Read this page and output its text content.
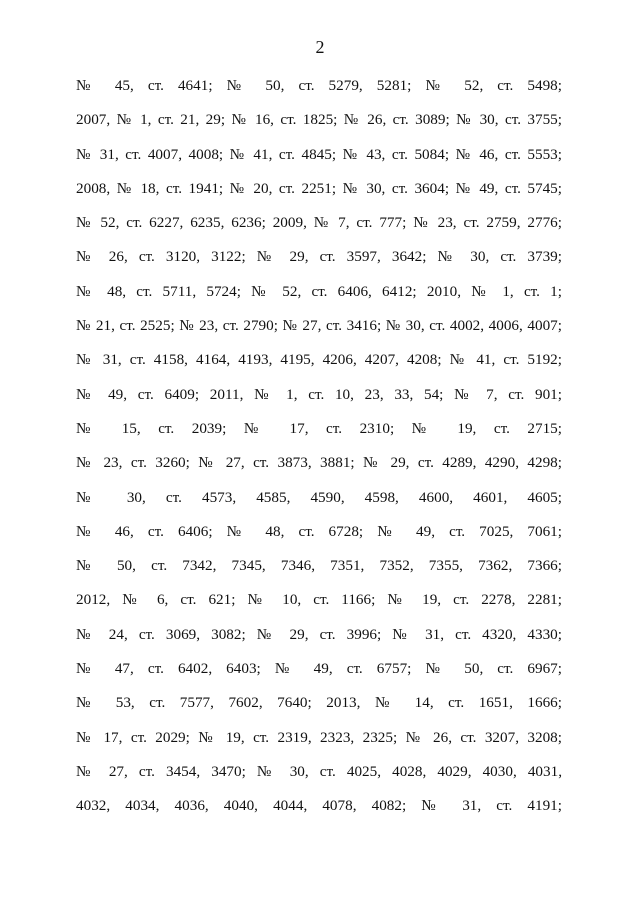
2
№ 45, ст. 4641; № 50, ст. 5279, 5281; № 52, ст. 5498;
2007, № 1, ст. 21, 29; № 16, ст. 1825; № 26, ст. 3089; № 30, ст. 3755;
№ 31, ст. 4007, 4008; № 41, ст. 4845; № 43, ст. 5084; № 46, ст. 5553;
2008, № 18, ст. 1941; № 20, ст. 2251; № 30, ст. 3604; № 49, ст. 5745;
№ 52, ст. 6227, 6235, 6236; 2009, № 7, ст. 777; № 23, ст. 2759, 2776;
№ 26, ст. 3120, 3122; № 29, ст. 3597, 3642; № 30, ст. 3739;
№ 48, ст. 5711, 5724; № 52, ст. 6406, 6412; 2010, № 1, ст. 1;
№ 21, ст. 2525; № 23, ст. 2790; № 27, ст. 3416; № 30, ст. 4002, 4006, 4007;
№ 31, ст. 4158, 4164, 4193, 4195, 4206, 4207, 4208; № 41, ст. 5192;
№ 49, ст. 6409; 2011, № 1, ст. 10, 23, 33, 54; № 7, ст. 901;
№ 15, ст. 2039; № 17, ст. 2310; № 19, ст. 2715;
№ 23, ст. 3260; № 27, ст. 3873, 3881; № 29, ст. 4289, 4290, 4298;
№ 30, ст. 4573, 4585, 4590, 4598, 4600, 4601, 4605;
№ 46, ст. 6406; № 48, ст. 6728; № 49, ст. 7025, 7061;
№ 50, ст. 7342, 7345, 7346, 7351, 7352, 7355, 7362, 7366;
2012, № 6, ст. 621; № 10, ст. 1166; № 19, ст. 2278, 2281;
№ 24, ст. 3069, 3082; № 29, ст. 3996; № 31, ст. 4320, 4330;
№ 47, ст. 6402, 6403; № 49, ст. 6757; № 50, ст. 6967;
№ 53, ст. 7577, 7602, 7640; 2013, № 14, ст. 1651, 1666;
№ 17, ст. 2029; № 19, ст. 2319, 2323, 2325; № 26, ст. 3207, 3208;
№ 27, ст. 3454, 3470; № 30, ст. 4025, 4028, 4029, 4030, 4031,
4032, 4034, 4036, 4040, 4044, 4078, 4082; № 31, ст. 4191;
